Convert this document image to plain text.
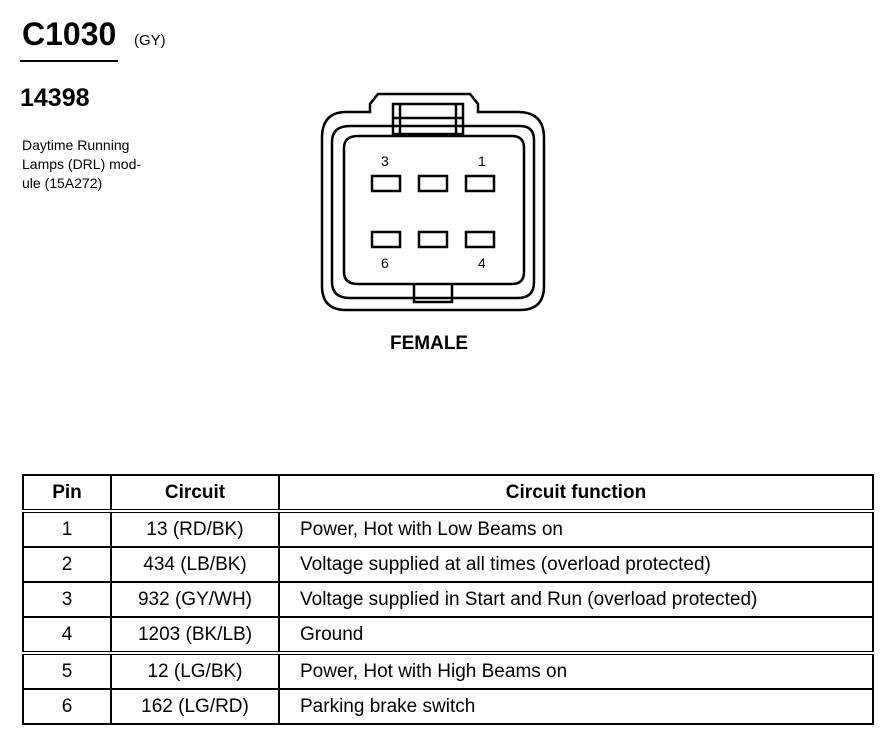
C1030 (GY)
14398
Daytime Running
Lamps (DRL) mod-
ule (15A272)
3	1
6	4
FEMALE
Pin	Circuit	Circuit function
1	13 (RD/BK)	Power, Hot with Low Beams on
2	434 (LB/BK)	Voltage supplied at all times (overload protected)
3	932 (GY/WH)	Voltage supplied in Start and Run (overload protected)
4	1203 (BK/LB)	Ground
5	12 (LG/BK)	Power, Hot with High Beams on
6	162 (LG/RD)	Parking brake switch
